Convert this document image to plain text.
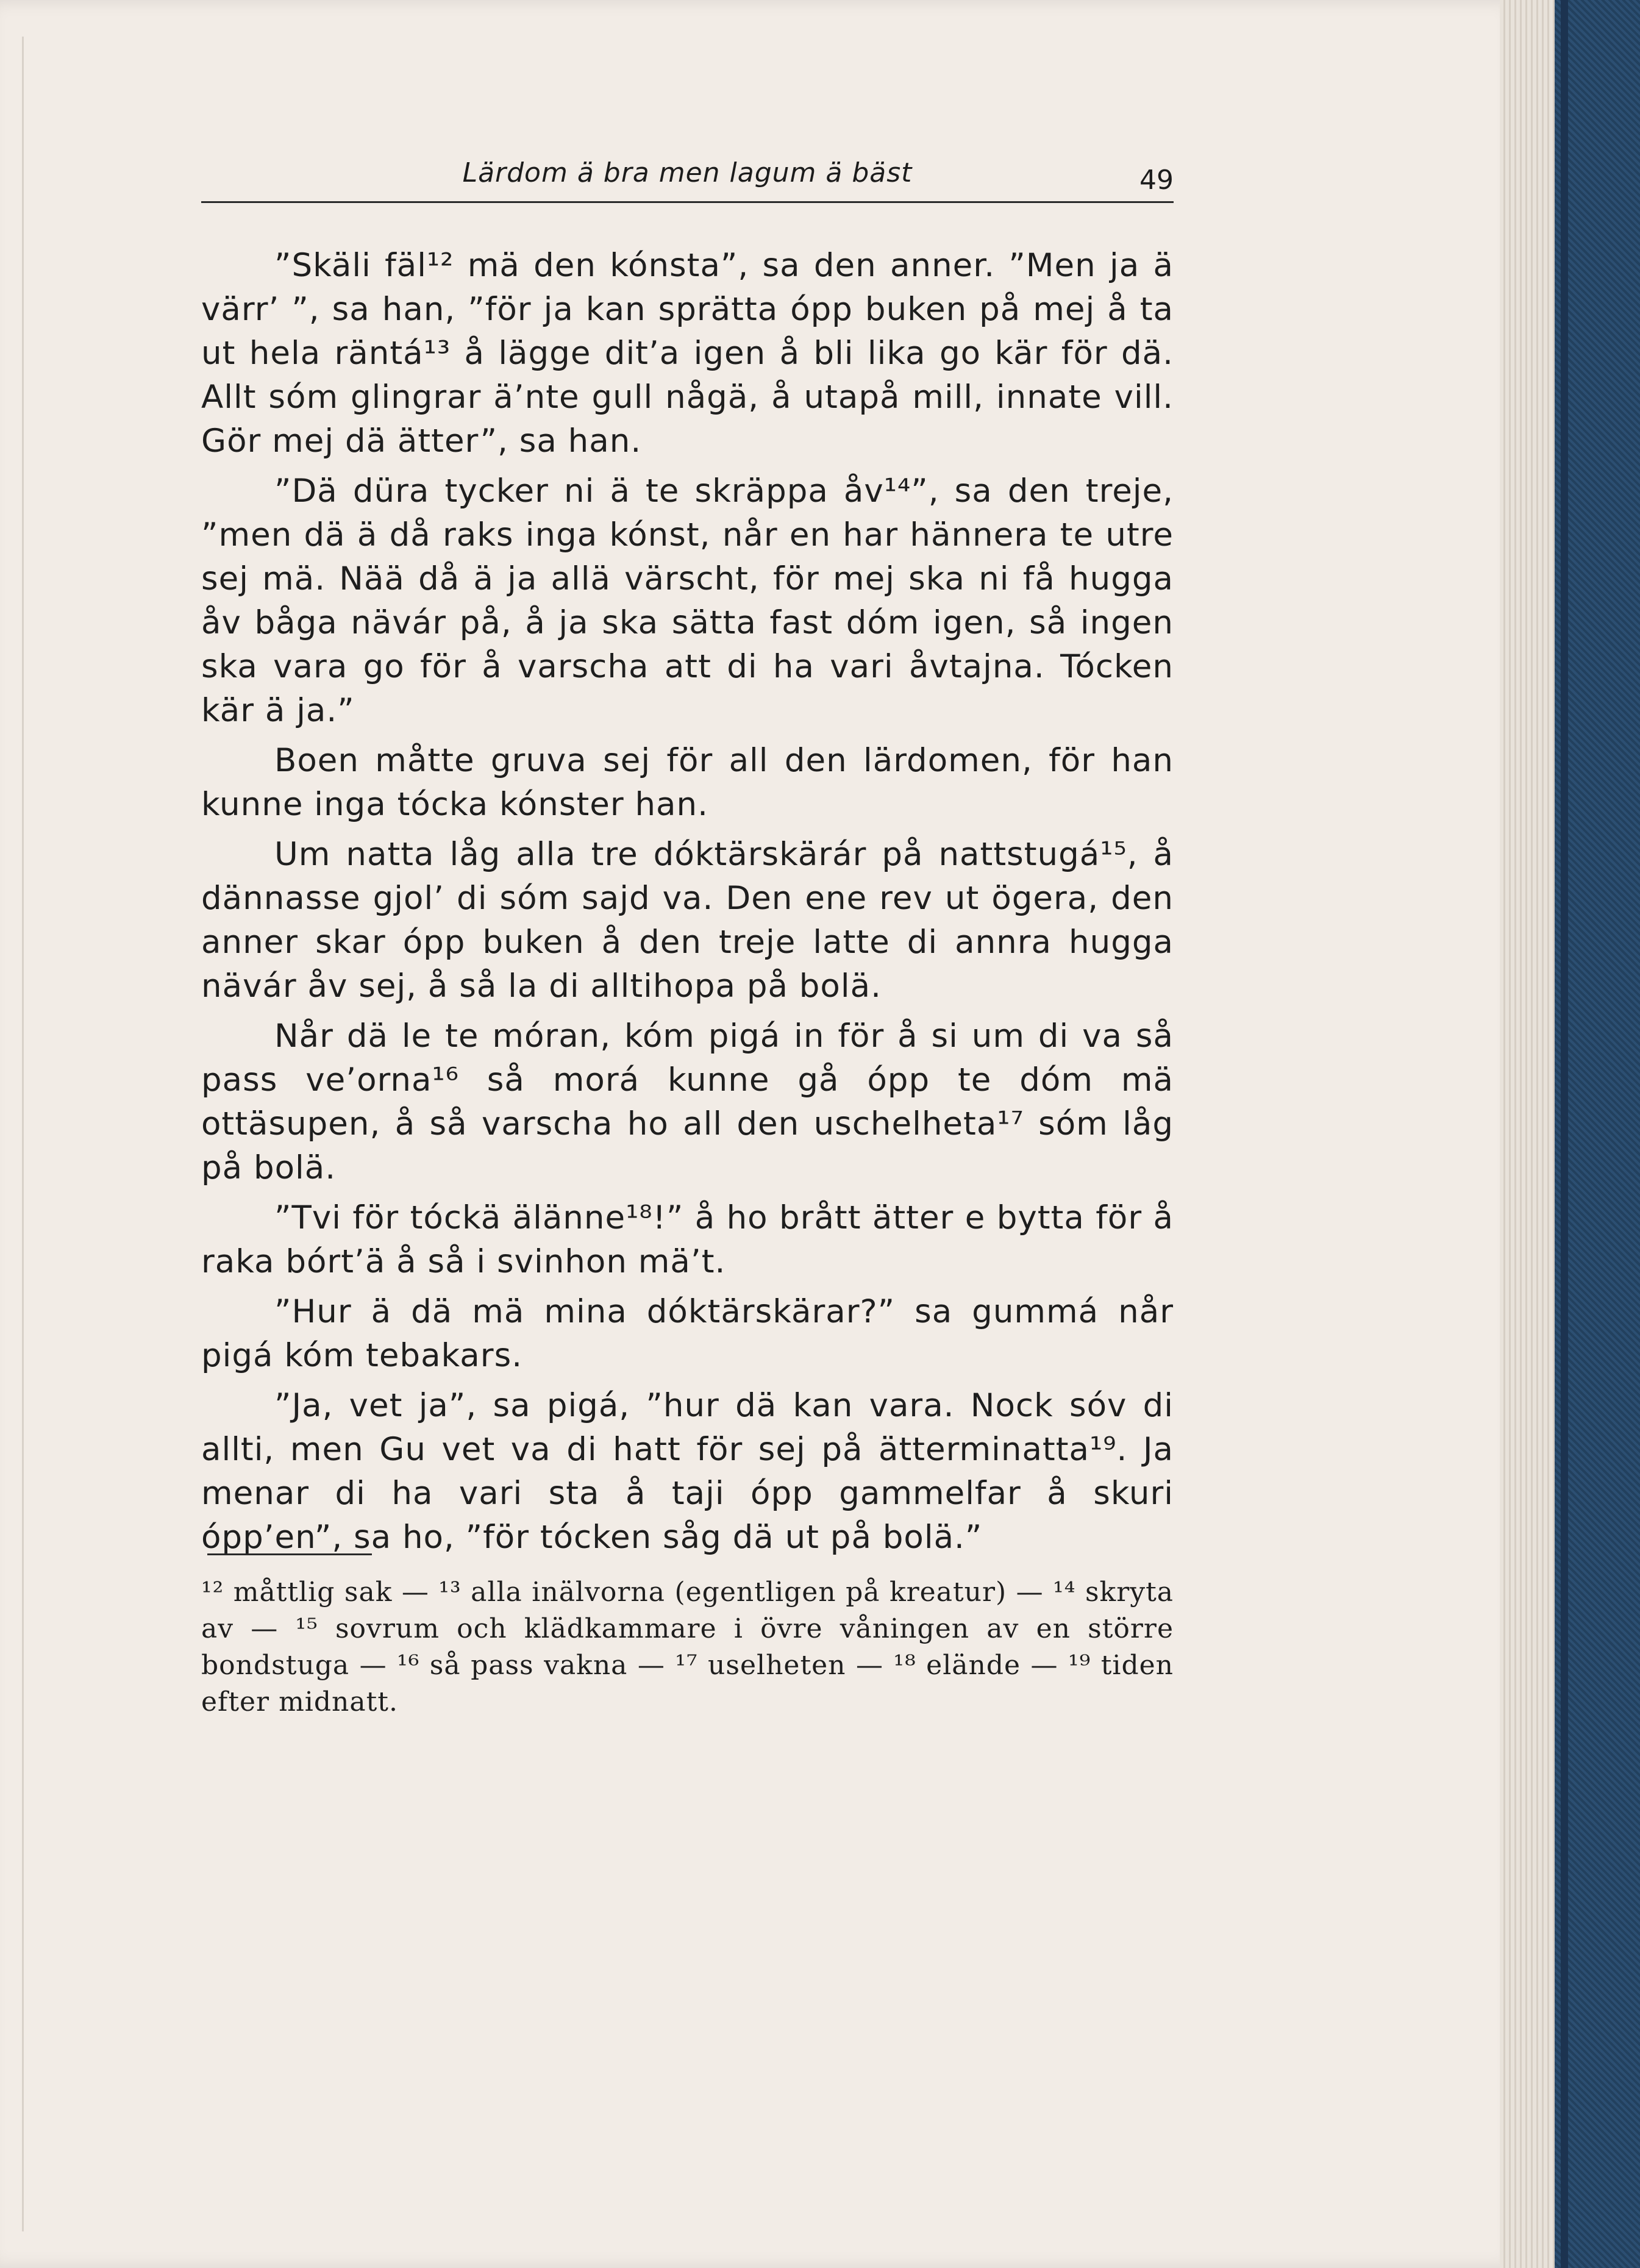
Lärdom ä bra men lagum ä bäst	49

”Skäli fäl¹² mä den kónsta”, sa den anner. ”Men ja ä värr’ ”, sa han, ”för ja kan sprätta ópp buken på mej å ta ut hela räntá¹³ å lägge dit’a igen å bli lika go kär för dä. Allt sóm glingrar ä’nte gull någä, å utapå mill, innate vill. Gör mej dä ätter”, sa han.

”Dä düra tycker ni ä te skräppa åv¹⁴”, sa den treje, ”men dä ä då raks inga kónst, når en har hännera te utre sej mä. Nää då ä ja allä värscht, för mej ska ni få hugga åv båga nävár på, å ja ska sätta fast dóm igen, så ingen ska vara go för å varscha att di ha vari åvtajna. Tócken kär ä ja.”

Boen måtte gruva sej för all den lärdomen, för han kunne inga tócka kónster han.

Um natta låg alla tre dóktärskärár på nattstugá¹⁵, å dännasse gjol’ di sóm sajd va. Den ene rev ut ögera, den anner skar ópp buken å den treje latte di annra hugga nävár åv sej, å så la di alltihopa på bolä.

Når dä le te móran, kóm pigá in för å si um di va så pass ve’orna¹⁶ så morá kunne gå ópp te dóm mä ottäsupen, å så varscha ho all den uschelheta¹⁷ sóm låg på bolä.

”Tvi för tóckä älänne¹⁸!” å ho brått ätter e bytta för å raka bórt’ä å så i svinhon mä’t.

”Hur ä dä mä mina dóktärskärar?” sa gummá når pigá kóm tebakars.

”Ja, vet ja”, sa pigá, ”hur dä kan vara. Nock sóv di allti, men Gu vet va di hatt för sej på ätterminatta¹⁹. Ja menar di ha vari sta å taji ópp gammelfar å skuri ópp’en”, sa ho, ”för tócken såg dä ut på bolä.”

¹² måttlig sak — ¹³ alla inälvorna (egentligen på kreatur) — ¹⁴ skryta av — ¹⁵ sovrum och klädkammare i övre våningen av en större bondstuga — ¹⁶ så pass vakna — ¹⁷ uselheten — ¹⁸ elände — ¹⁹ tiden efter midnatt.
